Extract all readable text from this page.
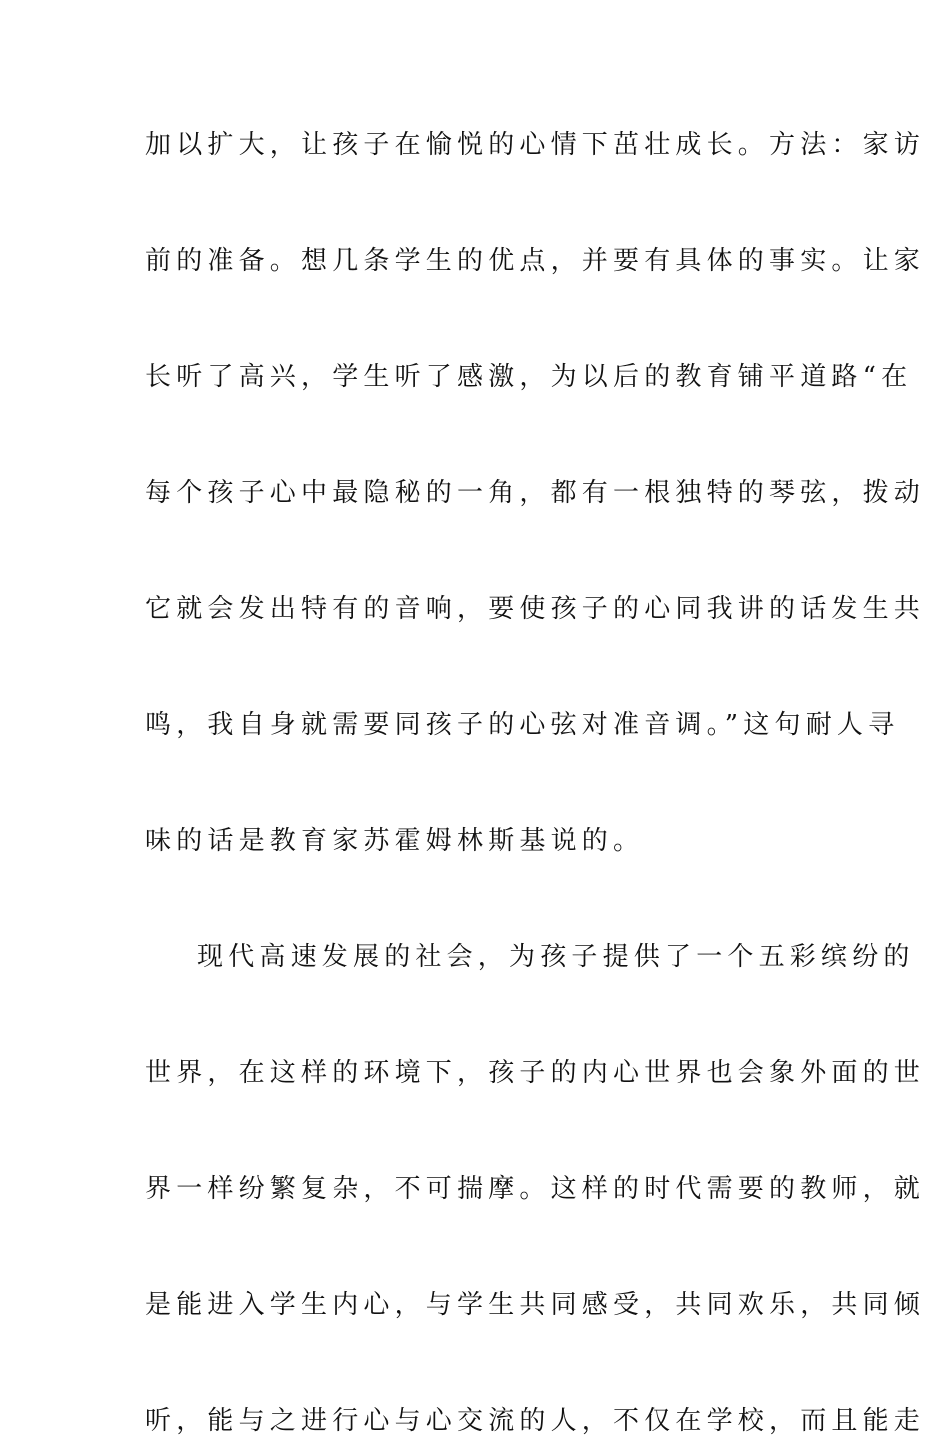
加以扩大，让孩子在愉悦的心情下茁壮成长。方法：家访
前的准备。想几条学生的优点，并要有具体的事实。让家
长听了高兴，学生听了感激，为以后的教育铺平道路“在
每个孩子心中最隐秘的一角，都有一根独特的琴弦，拨动
它就会发出特有的音响，要使孩子的心同我讲的话发生共
鸣，我自身就需要同孩子的心弦对准音调。”这句耐人寻
味的话是教育家苏霍姆林斯基说的。
现代高速发展的社会，为孩子提供了一个五彩缤纷的
世界，在这样的环境下，孩子的内心世界也会象外面的世
界一样纷繁复杂，不可揣摩。这样的时代需要的教师，就
是能进入学生内心，与学生共同感受，共同欢乐，共同倾
听，能与之进行心与心交流的人，不仅在学校，而且能走
